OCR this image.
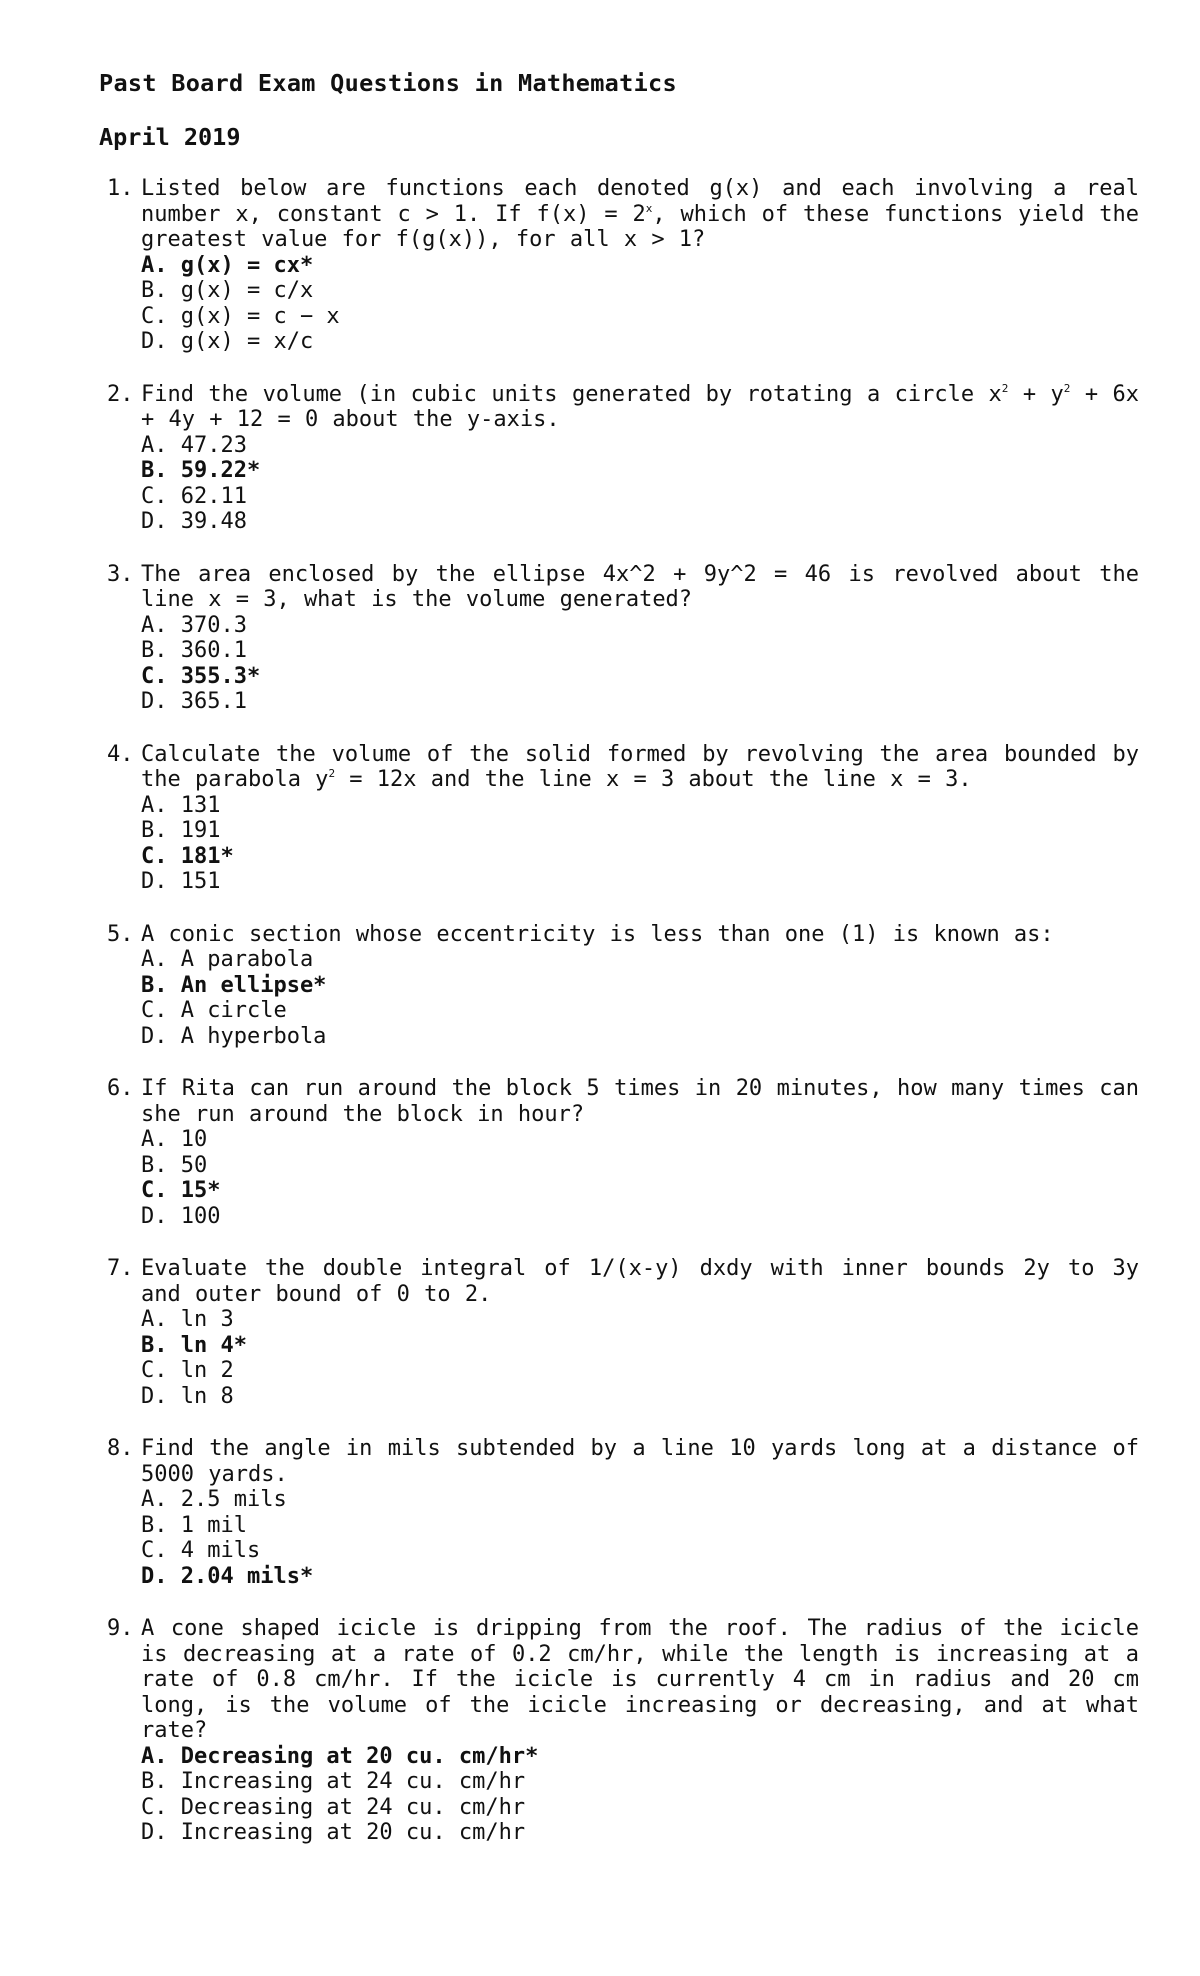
Past Board Exam Questions in Mathematics
April 2019
1. Listed below are functions each denoted g(x) and each involving a real number x, constant c > 1. If $f(x) = 2^x$, which of these functions yield the greatest value for f(g(x)), for all x > 1?

A. g(x) = cx*
B. g(x) = c/x
C. g(x) = c − x
D. g(x) = x/c
2. Find the volume (in cubic units generated by rotating a circle $x^2 + y^2 + 6x + 4y + 12 = 0$ about the y-axis.

A. 47.23
B. 59.22*
C. 62.11
D. 39.48
3. The area enclosed by the ellipse 4x^2 + 9y^2 = 46 is revolved about the line x = 3, what is the volume generated?

A. 370.3
B. 360.1
C. 355.3*
D. 365.1
4. Calculate the volume of the solid formed by revolving the area bounded by the parabola $y^2 = 12x$ and the line x = 3 about the line x = 3.

A. 131
B. 191
C. 181*
D. 151
5. A conic section whose eccentricity is less than one (1) is known as:

A. A parabola
B. An ellipse*
C. A circle
D. A hyperbola
6. If Rita can run around the block 5 times in 20 minutes, how many times can she run around the block in hour?

A. 10
B. 50
C. 15*
D. 100
7. Evaluate the double integral of 1/(x-y) dxdy with inner bounds 2y to 3y and outer bound of 0 to 2.

A. ln 3
B. ln 4*
C. ln 2
D. ln 8
8. Find the angle in mils subtended by a line 10 yards long at a distance of 5000 yards.

A. 2.5 mils
B. 1 mil
C. 4 mils
D. 2.04 mils*
9. A cone shaped icicle is dripping from the roof. The radius of the icicle is decreasing at a rate of 0.2 cm/hr, while the length is increasing at a rate of 0.8 cm/hr. If the icicle is currently 4 cm in radius and 20 cm long, is the volume of the icicle increasing or decreasing, and at what rate?

A. Decreasing at 20 cu. cm/hr*
B. Increasing at 24 cu. cm/hr
C. Decreasing at 24 cu. cm/hr
D. Increasing at 20 cu. cm/hr
